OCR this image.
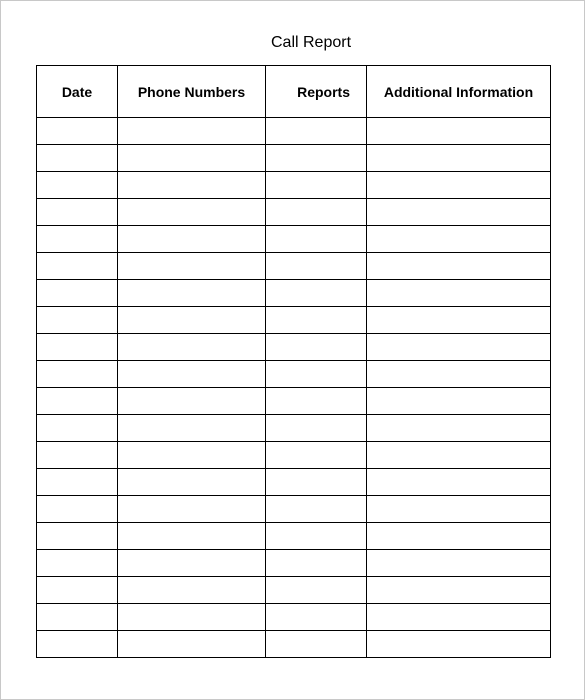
Call Report
Date	Phone Numbers	Reports	Additional Information
